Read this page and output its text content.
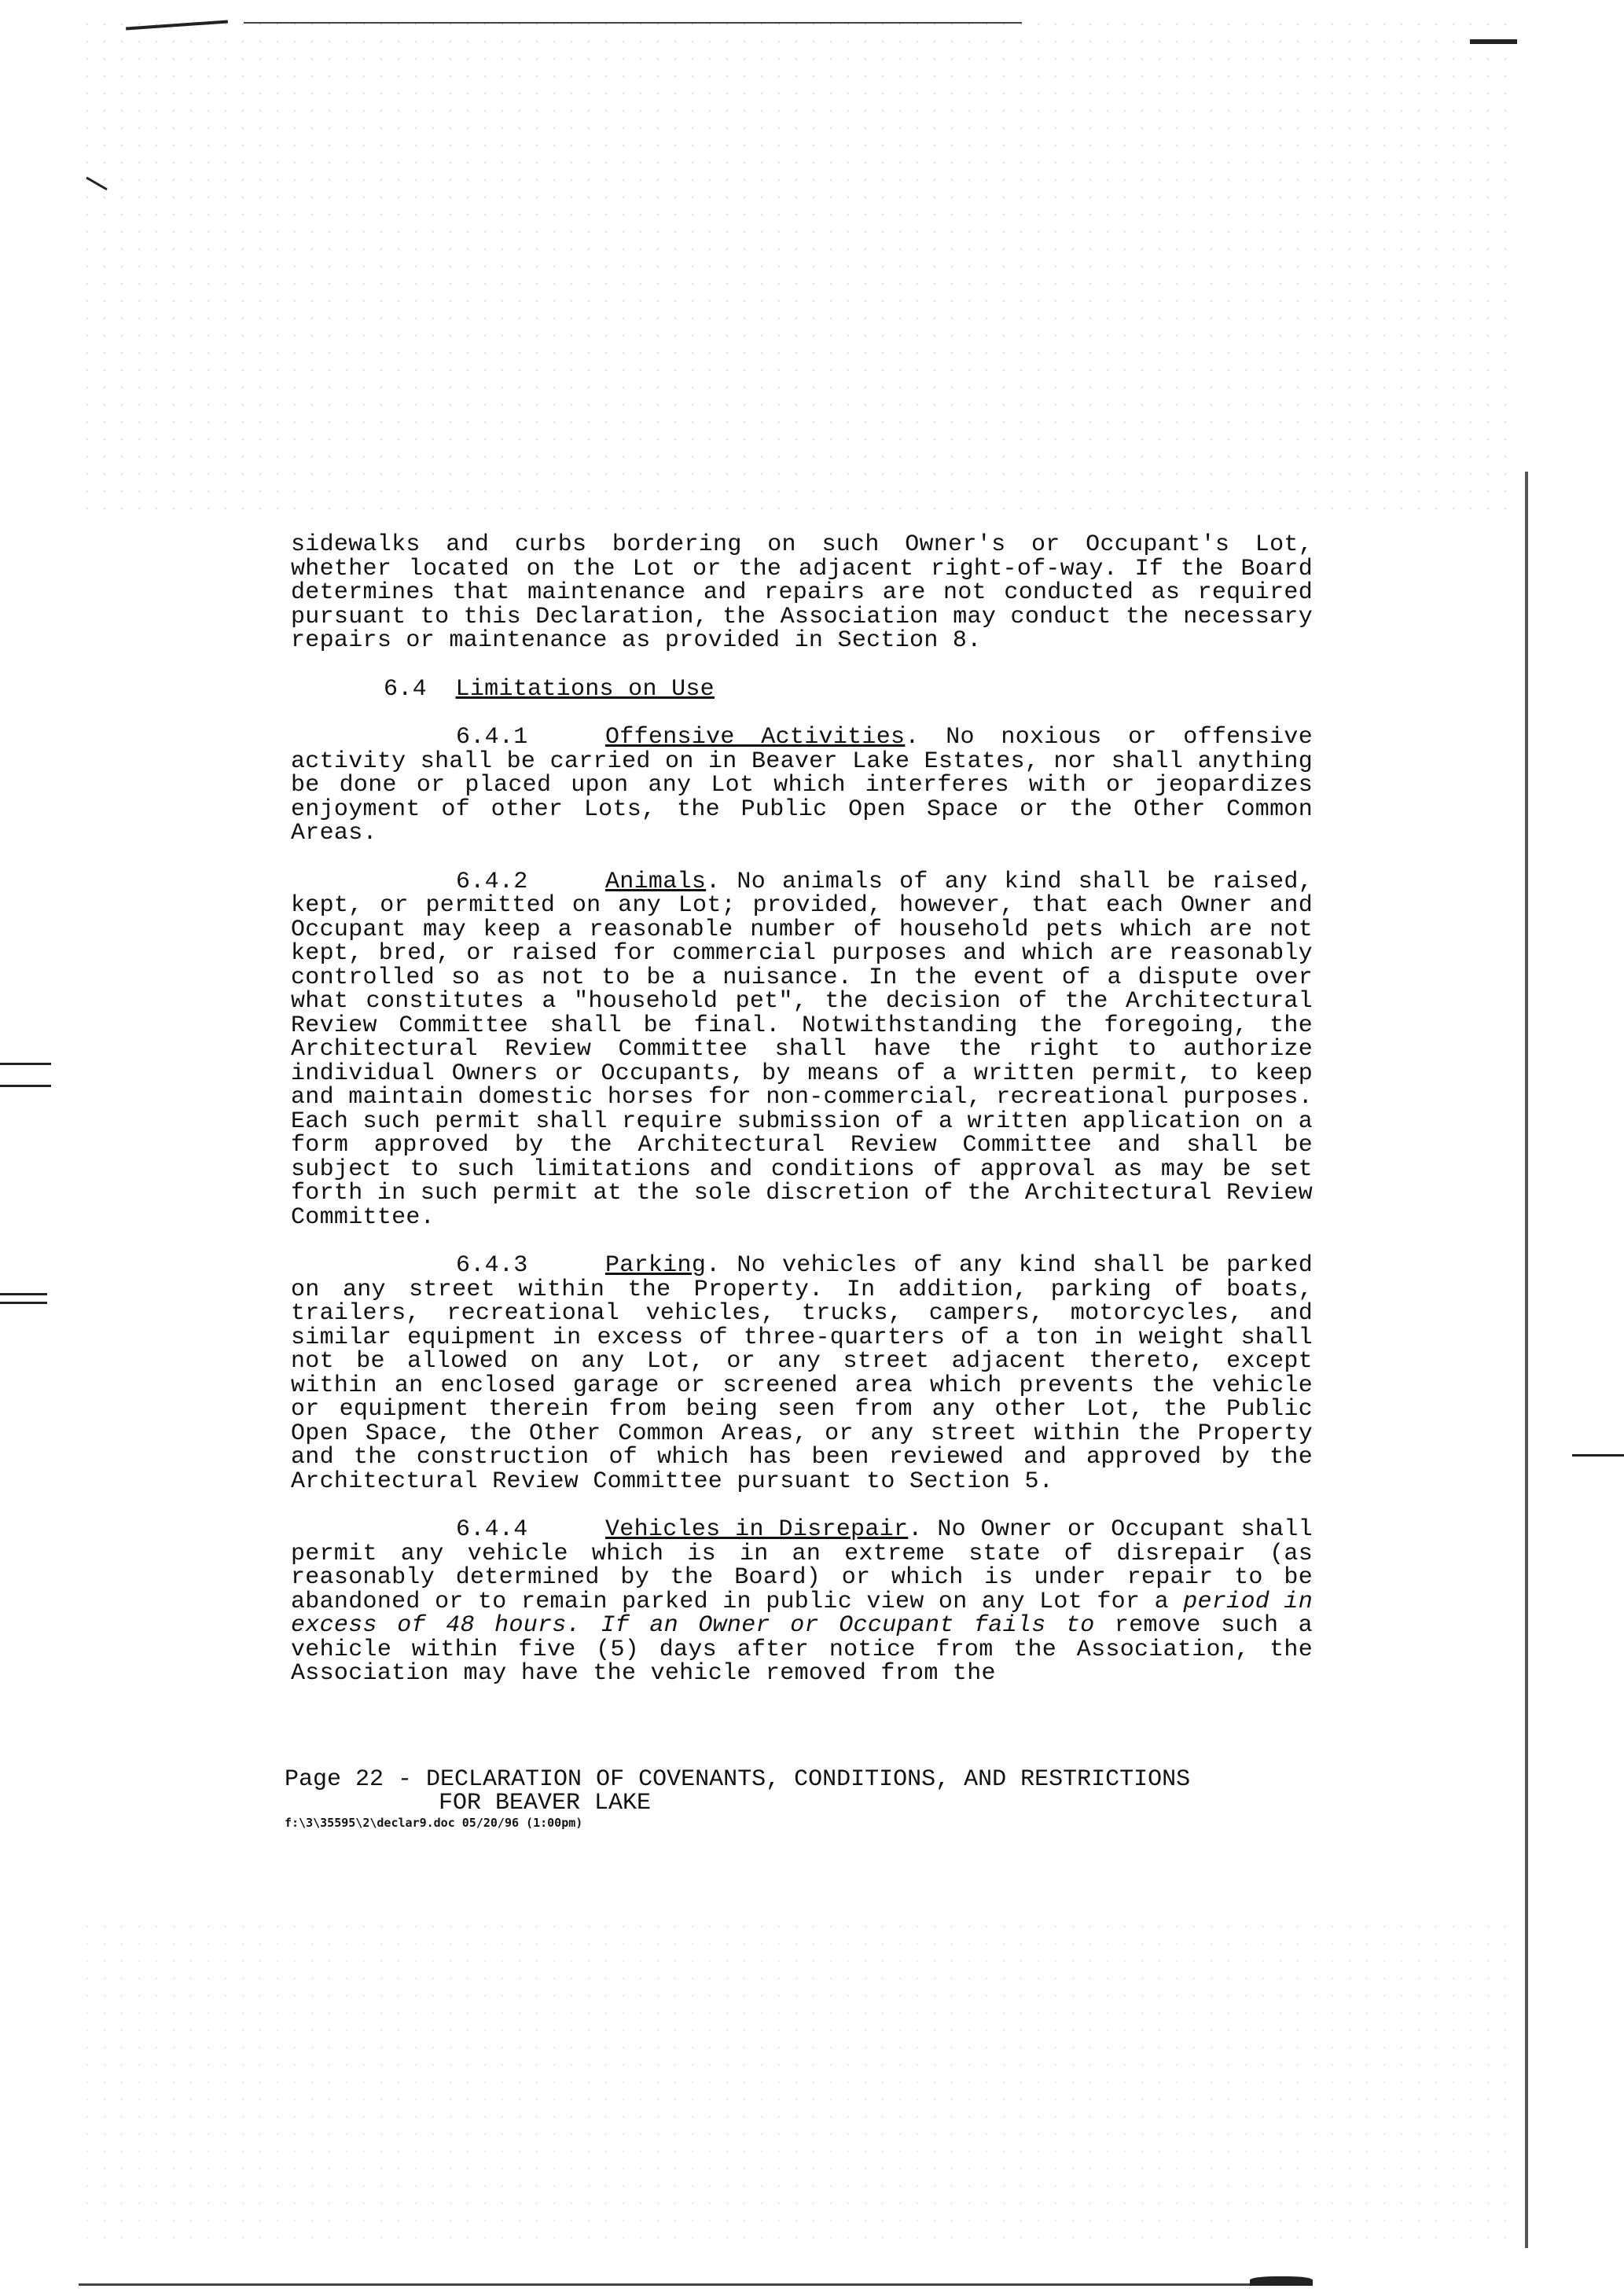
sidewalks and curbs bordering on such Owner's or Occupant's Lot, whether located on the Lot or the adjacent right-of-way. If the Board determines that maintenance and repairs are not conducted as required pursuant to this Declaration, the Association may conduct the necessary repairs or maintenance as provided in Section 8.

6.4 Limitations on Use

6.4.1	Offensive Activities. No noxious or offensive activity shall be carried on in Beaver Lake Estates, nor shall anything be done or placed upon any Lot which interferes with or jeopardizes enjoyment of other Lots, the Public Open Space or the Other Common Areas.

6.4.2	Animals. No animals of any kind shall be raised, kept, or permitted on any Lot; provided, however, that each Owner and Occupant may keep a reasonable number of household pets which are not kept, bred, or raised for commercial purposes and which are reasonably controlled so as not to be a nuisance. In the event of a dispute over what constitutes a "household pet", the decision of the Architectural Review Committee shall be final. Notwithstanding the foregoing, the Architectural Review Committee shall have the right to authorize individual Owners or Occupants, by means of a written permit, to keep and maintain domestic horses for non-commercial, recreational purposes. Each such permit shall require submission of a written application on a form approved by the Architectural Review Committee and shall be subject to such limitations and conditions of approval as may be set forth in such permit at the sole discretion of the Architectural Review Committee.

6.4.3	Parking. No vehicles of any kind shall be parked on any street within the Property. In addition, parking of boats, trailers, recreational vehicles, trucks, campers, motorcycles, and similar equipment in excess of three-quarters of a ton in weight shall not be allowed on any Lot, or any street adjacent thereto, except within an enclosed garage or screened area which prevents the vehicle or equipment therein from being seen from any other Lot, the Public Open Space, the Other Common Areas, or any street within the Property and the construction of which has been reviewed and approved by the Architectural Review Committee pursuant to Section 5.

6.4.4	Vehicles in Disrepair. No Owner or Occupant shall permit any vehicle which is in an extreme state of disrepair (as reasonably determined by the Board) or which is under repair to be abandoned or to remain parked in public view on any Lot for a period in excess of 48 hours. If an Owner or Occupant fails to remove such a vehicle within five (5) days after notice from the Association, the Association may have the vehicle removed from the

Page 22 - DECLARATION OF COVENANTS, CONDITIONS, AND RESTRICTIONS
FOR BEAVER LAKE
f:\3\35595\2\declar9.doc 05/20/96 (1:00pm)
